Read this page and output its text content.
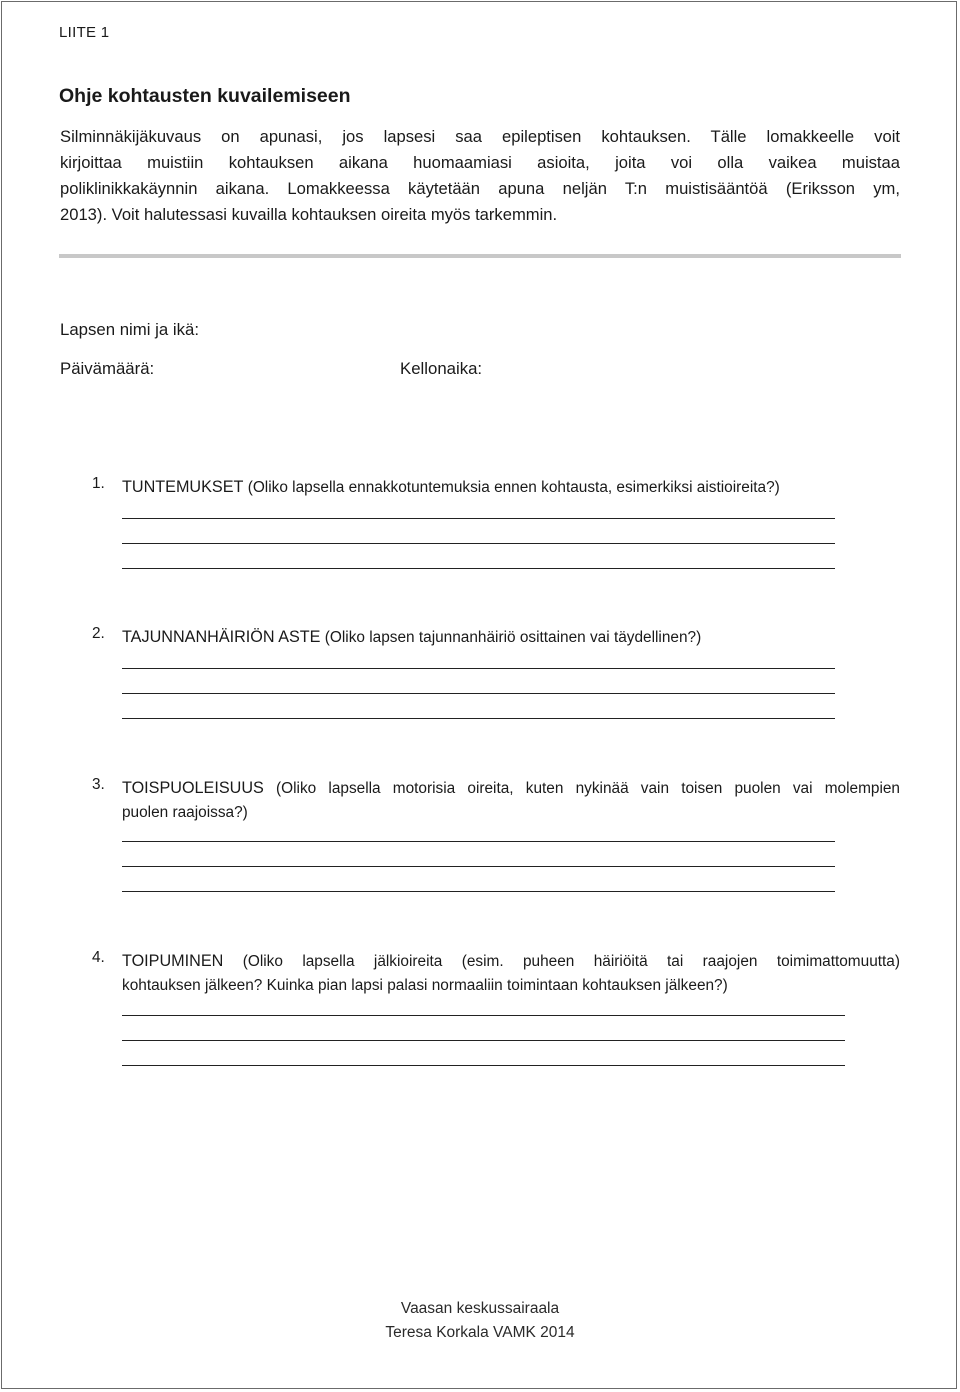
LIITE 1
Ohje kohtausten kuvailemiseen

Silminnäkijäkuvaus on apunasi, jos lapsesi saa epileptisen kohtauksen. Tälle lomakkeelle voit
kirjoittaa muistiin kohtauksen aikana huomaamiasi asioita, joita voi olla vaikea muistaa
poliklinikkakäynnin aikana. Lomakkeessa käytetään apuna neljän T:n muistisääntöä (Eriksson ym,
2013). Voit halutessasi kuvailla kohtauksen oireita myös tarkemmin.

Lapsen nimi ja ikä:
Päivämäärä:	Kellonaika:
1. TUNTEMUKSET (Oliko lapsella ennakkotuntemuksia ennen kohtausta, esimerkiksi aistioireita?)
2. TAJUNNANHÄIRIÖN ASTE (Oliko lapsen tajunnanhäiriö osittainen vai täydellinen?)
3. TOISPUOLEISUUS (Oliko lapsella motorisia oireita, kuten nykinää vain toisen puolen vai molempien
puolen raajoissa?)
4. TOIPUMINEN (Oliko lapsella jälkioireita (esim. puheen häiriöitä tai raajojen toimimattomuutta)
kohtauksen jälkeen? Kuinka pian lapsi palasi normaaliin toimintaan kohtauksen jälkeen?)
Vaasan keskussairaala
Teresa Korkala VAMK 2014
